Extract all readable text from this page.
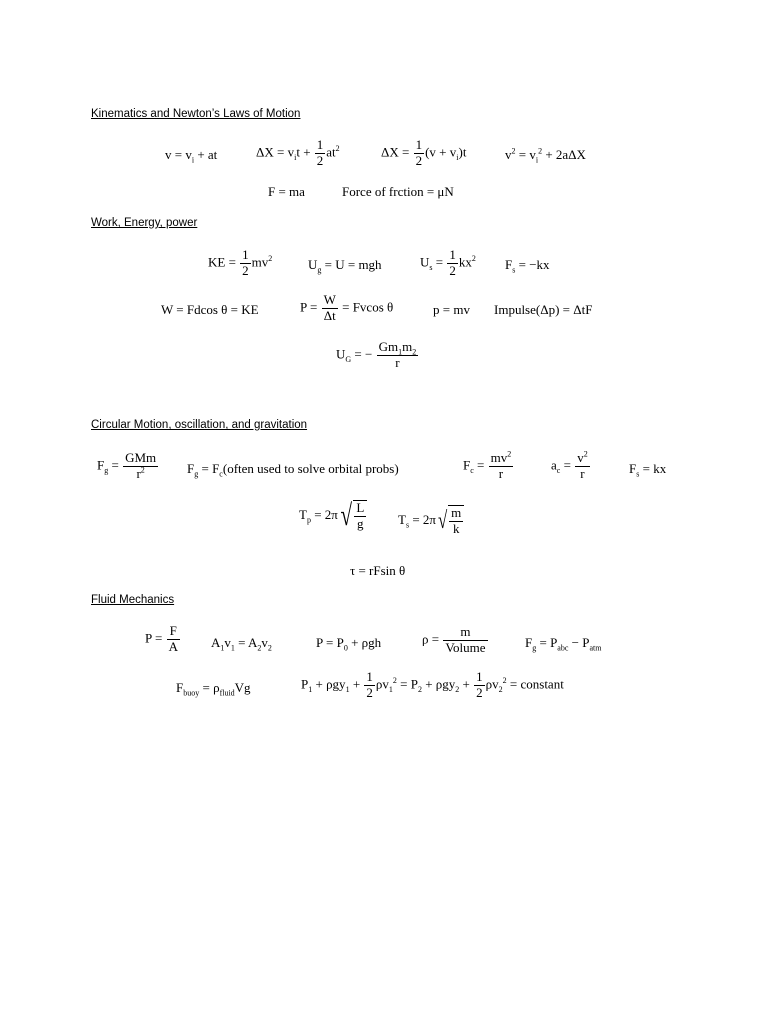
Kinematics and Newton’s Laws of Motion
$v = v_i$ + at	$\Delta X = v_it + \frac{1}{2} at^2$	$\Delta X = \frac{1}{2} (v + v_i)t$	$v^2 = v_i^2 + 2a\Delta X$
F = ma	Force of frction = μN
Work, Energy, power
KE = $\frac{1}{2} mv^2$	$U_g = U$ = mgh	$U_s = \frac{1}{2} kx^2$ $F_s = -kx$
W = Fdcos θ = KE	$P = \frac{W}{\Delta t} = Fvcos$ θ	p = mv Impulse(Δp) = ΔtF
$U_G$ = − $\frac{Gm_1m_2}{r}$
Circular Motion, oscillation, and gravitation
$F_g = \frac{\text{GMm}}{r^2} F_g$ = $F_c(often$ used to solve orbital probs)	$F_c = \frac{mv^2}{r}$	$a_c = \frac{v^2}{r}$	$F_s$ = kx
$T_p = 2\pi√ \frac{L}{g} T_s = 2\pi√ \frac{m}{k}$
τ = rFsin θ
Fluid Mechanics
$P = \frac{F}{A} A_1v_1 = A_2v_2$	$P = P_0 + \rho gh$	$\rho = \frac{m}{\text{Volume}}$	$F_g = P_{abc} - P_{atm}$
$F_{buoy} = \rho_{fluid}Vg$	$P_1 + \rho gy_1 + \frac{1}{2} \rho v_1^2 = P_2 + \rho gy_2 + \frac{1}{2} \rho v_2^2$ = constant
